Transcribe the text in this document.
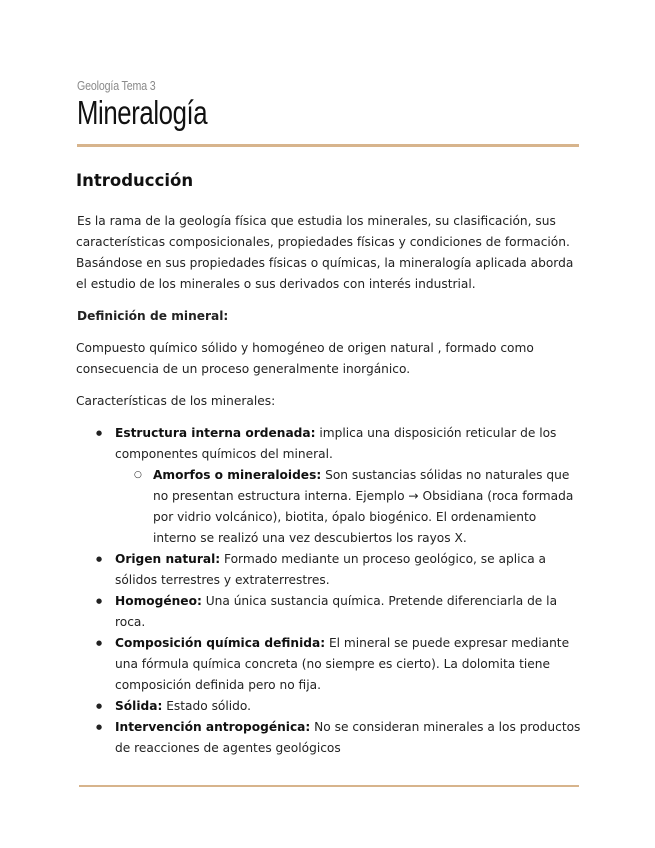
Geología Tema 3
Mineralogía
Introducción

Es la rama de la geología física que estudia los minerales, su clasificación, sus características composicionales, propiedades físicas y condiciones de formación. Basándose en sus propiedades físicas o químicas, la mineralogía aplicada aborda el estudio de los minerales o sus derivados con interés industrial.

Definición de mineral:

Compuesto químico sólido y homogéneo de origen natural , formado como consecuencia de un proceso generalmente inorgánico.

Características de los minerales:

● Estructura interna ordenada: implica una disposición reticular de los componentes químicos del mineral.
○ Amorfos o mineraloides: Son sustancias sólidas no naturales que no presentan estructura interna. Ejemplo → Obsidiana (roca formada por vidrio volcánico), biotita, ópalo biogénico. El ordenamiento interno se realizó una vez descubiertos los rayos X.
● Origen natural: Formado mediante un proceso geológico, se aplica a sólidos terrestres y extraterrestres.
● Homogéneo: Una única sustancia química. Pretende diferenciarla de la roca.
● Composición química definida: El mineral se puede expresar mediante una fórmula química concreta (no siempre es cierto). La dolomita tiene composición definida pero no fija.
● Sólida: Estado sólido.
● Intervención antropogénica: No se consideran minerales a los productos de reacciones de agentes geológicos
